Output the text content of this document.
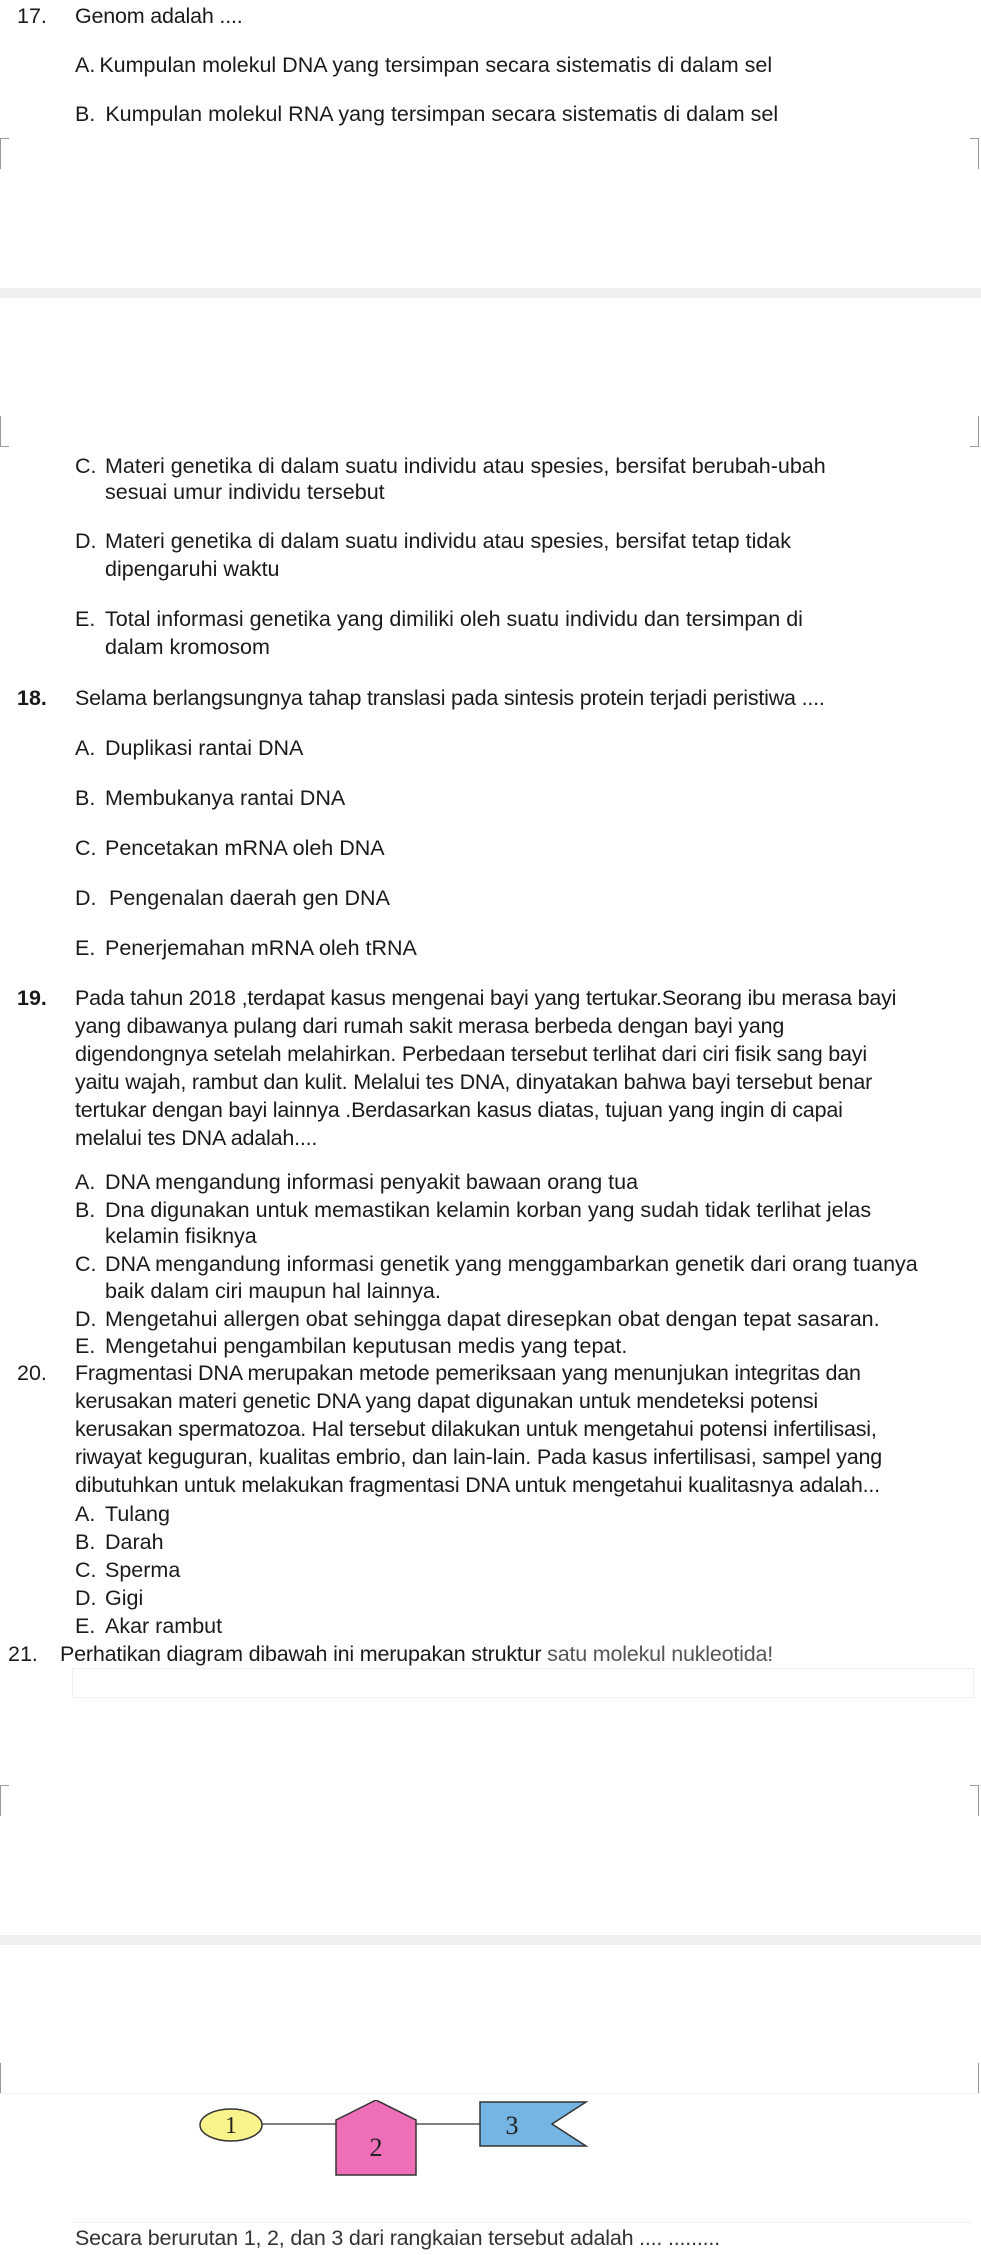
17. Genom adalah ....
A. Kumpulan molekul DNA yang tersimpan secara sistematis di dalam sel
B. Kumpulan molekul RNA yang tersimpan secara sistematis di dalam sel
C. Materi genetika di dalam suatu individu atau spesies, bersifat berubah-ubah
sesuai umur individu tersebut
D. Materi genetika di dalam suatu individu atau spesies, bersifat tetap tidak
dipengaruhi waktu
E. Total informasi genetika yang dimiliki oleh suatu individu dan tersimpan di
dalam kromosom
18. Selama berlangsungnya tahap translasi pada sintesis protein terjadi peristiwa ....
A. Duplikasi rantai DNA
B. Membukanya rantai DNA
C. Pencetakan mRNA oleh DNA
D. Pengenalan daerah gen DNA
E. Penerjemahan mRNA oleh tRNA
19. Pada tahun 2018 ,terdapat kasus mengenai bayi yang tertukar.Seorang ibu merasa bayi
yang dibawanya pulang dari rumah sakit merasa berbeda dengan bayi yang
digendongnya setelah melahirkan. Perbedaan tersebut terlihat dari ciri fisik sang bayi
yaitu wajah, rambut dan kulit. Melalui tes DNA, dinyatakan bahwa bayi tersebut benar
tertukar dengan bayi lainnya .Berdasarkan kasus diatas, tujuan yang ingin di capai
melalui tes DNA adalah....
A. DNA mengandung informasi penyakit bawaan orang tua
B. Dna digunakan untuk memastikan kelamin korban yang sudah tidak terlihat jelas
kelamin fisiknya
C. DNA mengandung informasi genetik yang menggambarkan genetik dari orang tuanya
baik dalam ciri maupun hal lainnya.
D. Mengetahui allergen obat sehingga dapat diresepkan obat dengan tepat sasaran.
E. Mengetahui pengambilan keputusan medis yang tepat.
20. Fragmentasi DNA merupakan metode pemeriksaan yang menunjukan integritas dan
kerusakan materi genetic DNA yang dapat digunakan untuk mendeteksi potensi
kerusakan spermatozoa. Hal tersebut dilakukan untuk mengetahui potensi infertilisasi,
riwayat keguguran, kualitas embrio, dan lain-lain. Pada kasus infertilisasi, sampel yang
dibutuhkan untuk melakukan fragmentasi DNA untuk mengetahui kualitasnya adalah...
A. Tulang
B. Darah
C. Sperma
D. Gigi
E. Akar rambut
21. Perhatikan diagram dibawah ini merupakan struktur satu molekul nukleotida!
1
2
3
Secara berurutan 1, 2, dan 3 dari rangkaian tersebut adalah .... .........
